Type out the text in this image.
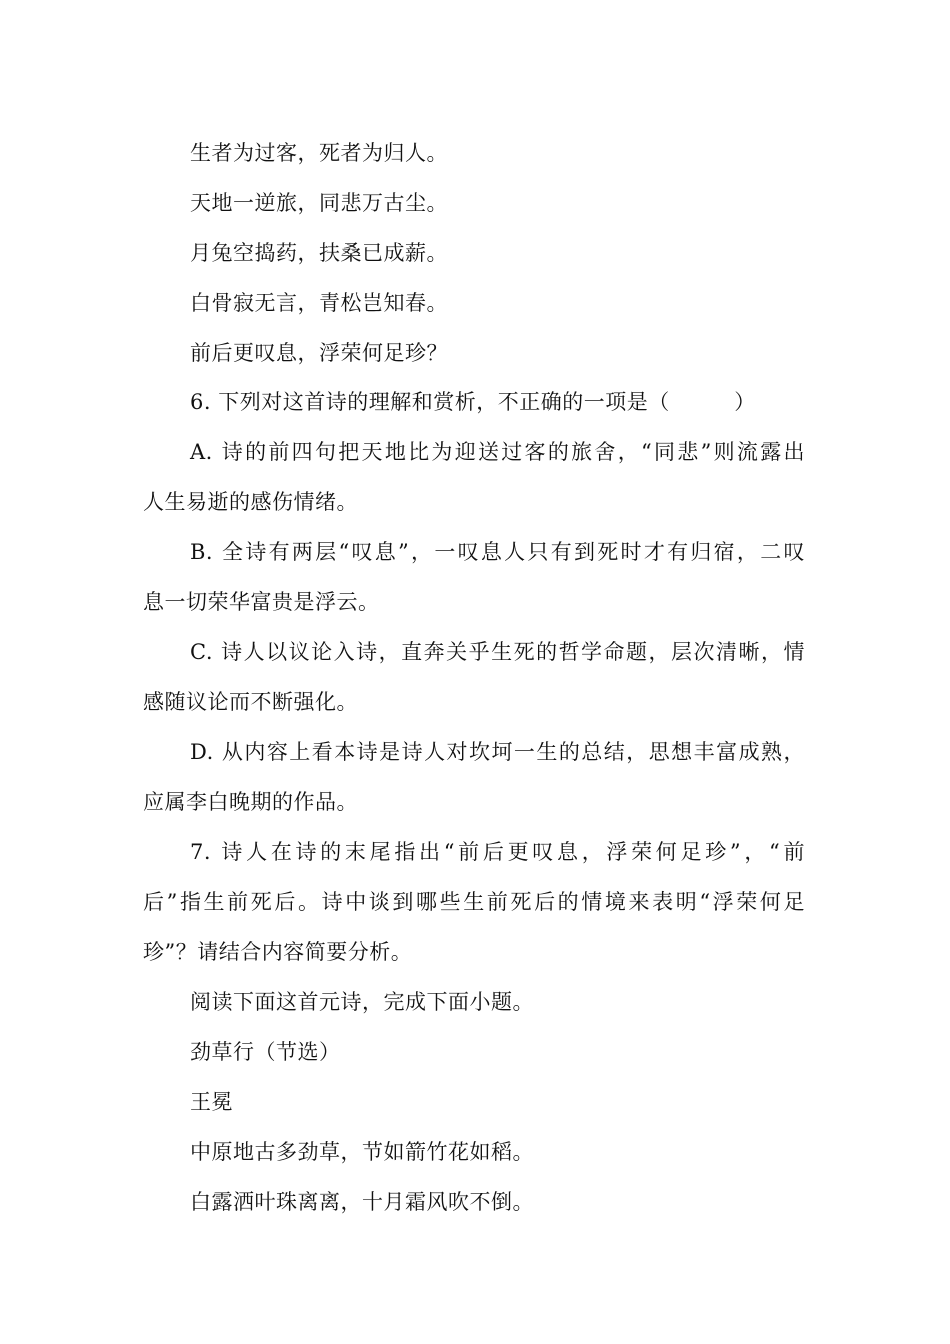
生者为过客，死者为归人。
天地一逆旅，同悲万古尘。
月兔空捣药，扶桑已成薪。
白骨寂无言，青松岂知春。
前后更叹息，浮荣何足珍？
6. 下列对这首诗的理解和赏析，不正确的一项是（　　　）
A. 诗的前四句把天地比为迎送过客的旅舍，“同悲”则流露出
人生易逝的感伤情绪。
B. 全诗有两层“叹息”，一叹息人只有到死时才有归宿，二叹
息一切荣华富贵是浮云。
C. 诗人以议论入诗，直奔关乎生死的哲学命题，层次清晰，情
感随议论而不断强化。
D. 从内容上看本诗是诗人对坎坷一生的总结，思想丰富成熟，
应属李白晚期的作品。
7. 诗人在诗的末尾指出“前后更叹息，浮荣何足珍”，“前
后”指生前死后。诗中谈到哪些生前死后的情境来表明“浮荣何足
珍”？请结合内容简要分析。
阅读下面这首元诗，完成下面小题。
劲草行（节选）
王冕
中原地古多劲草，节如箭竹花如稻。
白露洒叶珠离离，十月霜风吹不倒。
